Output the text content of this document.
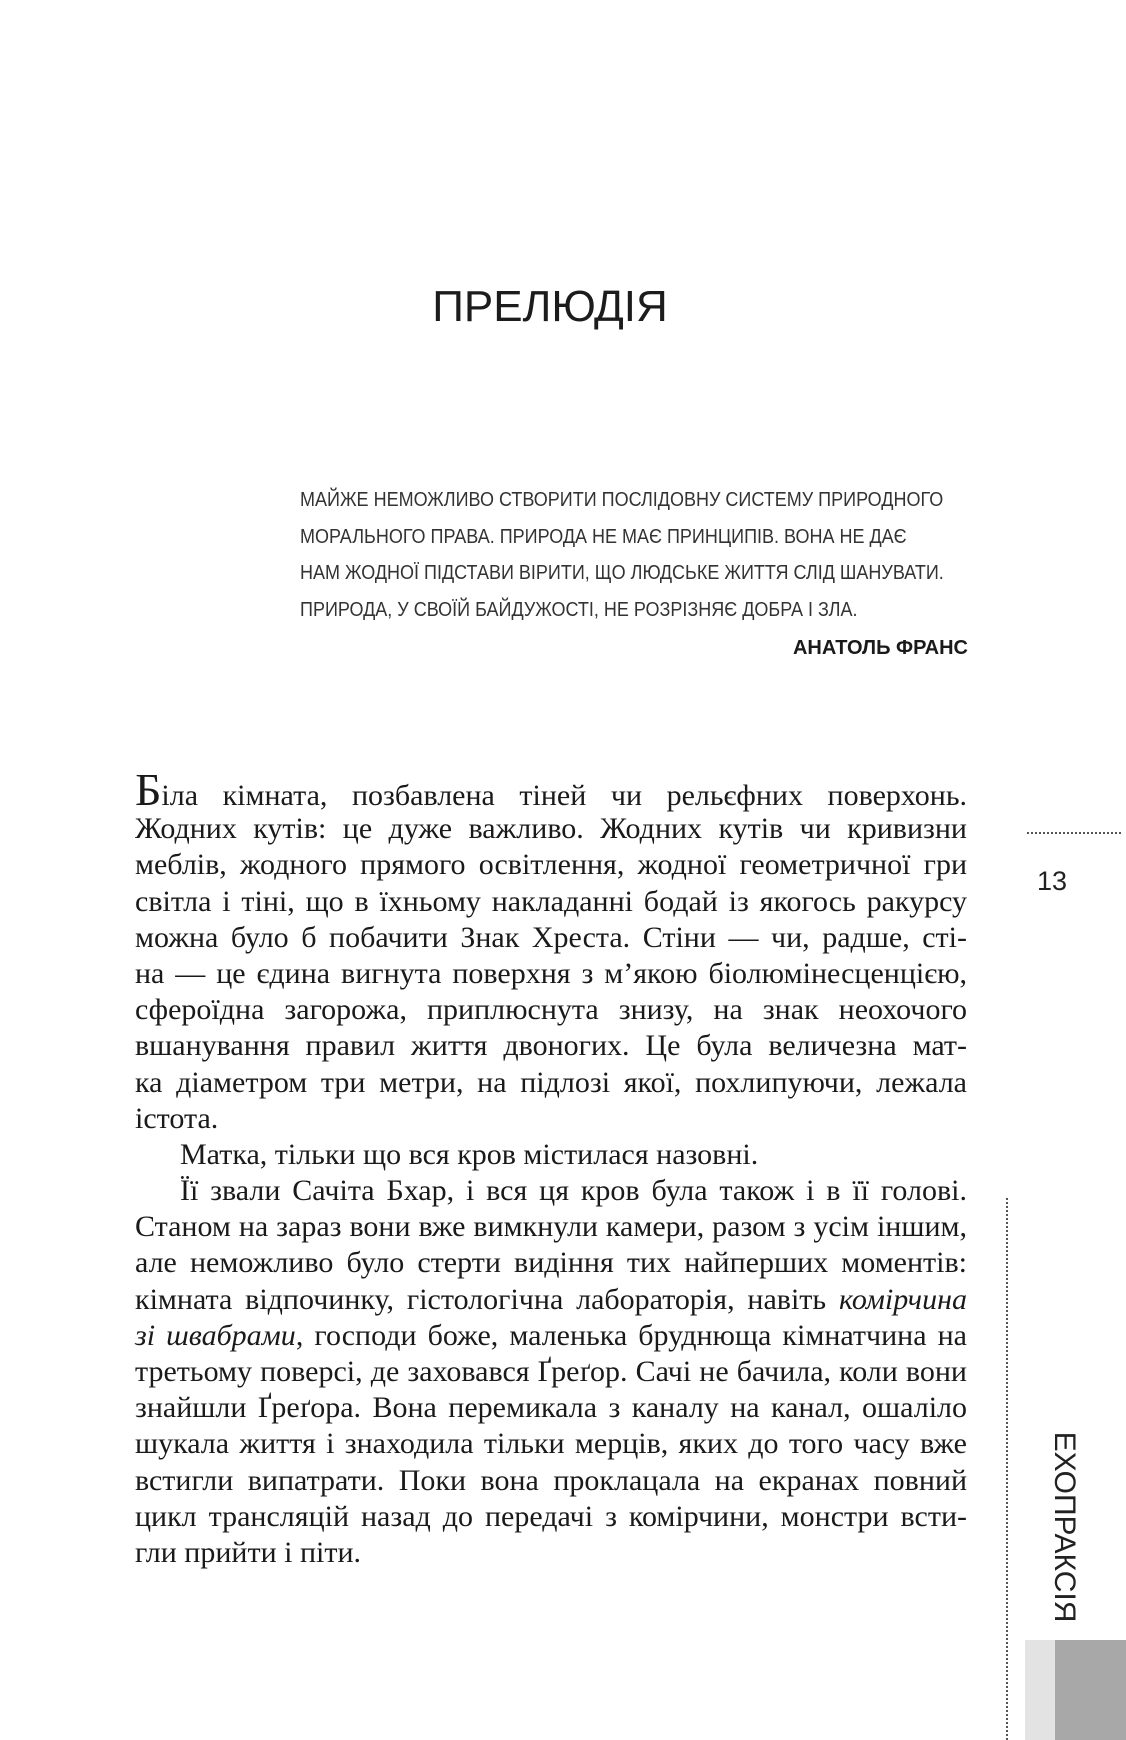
ПРЕЛЮДІЯ
МАЙЖЕ НЕМОЖЛИВО СТВОРИТИ ПОСЛІДОВНУ СИСТЕМУ ПРИРОДНОГО
МОРАЛЬНОГО ПРАВА. ПРИРОДА НЕ МАЄ ПРИНЦИПІВ. ВОНА НЕ ДАЄ
НАМ ЖОДНОЇ ПІДСТАВИ ВІРИТИ, ЩО ЛЮДСЬКЕ ЖИТТЯ СЛІД ШАНУВАТИ.
ПРИРОДА, У СВОЇЙ БАЙДУЖОСТІ, НЕ РОЗРІЗНЯЄ ДОБРА І ЗЛА.
АНАТОЛЬ ФРАНС
Біла кімната, позбавлена тіней чи рельєфних поверхонь.
Жодних кутів: це дуже важливо. Жодних кутів чи кривизни
меблів, жодного прямого освітлення, жодної геометричної гри
світла і тіні, що в їхньому накладанні бодай із якогось ракурсу
можна було б побачити Знак Хреста. Стіни — чи, радше, сті-
на — це єдина вигнута поверхня з м’якою біолюмінесценцією,
сфероїдна загорожа, приплюснута знизу, на знак неохочого
вшанування правил життя двоногих. Це була величезна мат-
ка діаметром три метри, на підлозі якої, похлипуючи, лежала
істота.
Матка, тільки що вся кров містилася назовні.
Її звали Сачіта Бхар, і вся ця кров була також і в її голові.
Станом на зараз вони вже вимкнули камери, разом з усім іншим,
але неможливо було стерти видіння тих найперших моментів:
кімната відпочинку, гістологічна лабораторія, навіть комірчина
зі швабрами, господи боже, маленька бруднюща кімнатчина на
третьому поверсі, де заховався Ґреґор. Сачі не бачила, коли вони
знайшли Ґреґора. Вона перемикала з каналу на канал, ошаліло
шукала життя і знаходила тільки мерців, яких до того часу вже
встигли випатрати. Поки вона проклацала на екранах повний
цикл трансляцій назад до передачі з комірчини, монстри всти-
гли прийти і піти.
13
ЕХОПРАКСІЯ
